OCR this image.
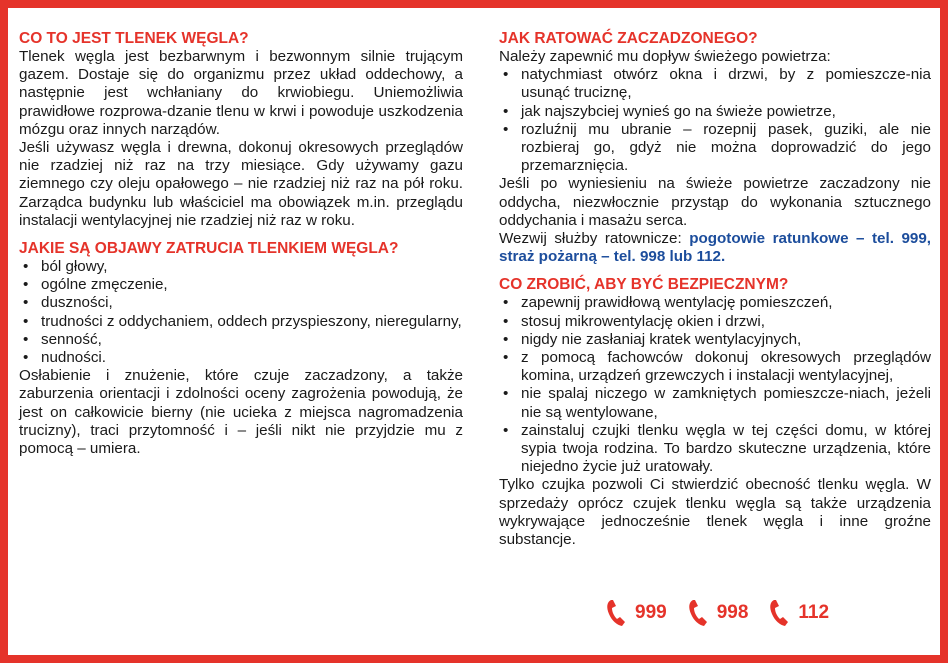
CO TO JEST TLENEK WĘGLA?

Tlenek węgla jest bezbarwnym i bezwonnym silnie trującym gazem. Dostaje się do organizmu przez układ oddechowy, a następnie jest wchłaniany do krwiobiegu. Uniemożliwia prawidłowe rozprowa-dzanie tlenu w krwi i powoduje uszkodzenia mózgu oraz innych narządów.

Jeśli używasz węgla i drewna, dokonuj okresowych przeglądów nie rzadziej niż raz na trzy miesiące. Gdy używamy gazu ziemnego czy oleju opałowego – nie rzadziej niż raz na pół roku. Zarządca budynku lub właściciel ma obowiązek m.in. przeglądu instalacji wentylacyjnej nie rzadziej niż raz w roku.

JAKIE SĄ OBJAWY ZATRUCIA TLENKIEM WĘGLA?
• ból głowy,
• ogólne zmęczenie,
• duszności,
• trudności z oddychaniem, oddech przyspieszony, nieregularny,
• senność,
• nudności.

Osłabienie i znużenie, które czuje zaczadzony, a także zaburzenia orientacji i zdolności oceny zagrożenia powodują, że jest on całkowicie bierny (nie ucieka z miejsca nagromadzenia trucizny), traci przytomność i – jeśli nikt nie przyjdzie mu z pomocą – umiera.

JAK RATOWAĆ ZACZADZONEGO?

Należy zapewnić mu dopływ świeżego powietrza:

• natychmiast otwórz okna i drzwi, by z pomieszcze-nia usunąć truciznę,
• jak najszybciej wynieś go na świeże powietrze,
• rozluźnij mu ubranie – rozepnij pasek, guziki, ale nie rozbieraj go, gdyż nie można doprowadzić do jego przemarznięcia.

Jeśli po wyniesieniu na świeże powietrze zaczadzony nie oddycha, niezwłocznie przystąp do wykonania sztucznego oddychania i masażu serca.

Wezwij służby ratownicze: pogotowie ratunkowe – tel. 999, straż pożarną – tel. 998 lub 112.

CO ZROBIĆ, ABY BYĆ BEZPIECZNYM?
• zapewnij prawidłową wentylację pomieszczeń,
• stosuj mikrowentylację okien i drzwi,
• nigdy nie zasłaniaj kratek wentylacyjnych,
• z pomocą fachowców dokonuj okresowych przeglądów komina, urządzeń grzewczych i instalacji wentylacyjnej,
• nie spalaj niczego w zamkniętych pomieszcze-niach, jeżeli nie są wentylowane,
• zainstaluj czujki tlenku węgla w tej części domu, w której sypia twoja rodzina. To bardzo skuteczne urządzenia, które niejedno życie już uratowały.

Tylko czujka pozwoli Ci stwierdzić obecność tlenku węgla. W sprzedaży oprócz czujek tlenku węgla są także urządzenia wykrywające jednocześnie tlenek węgla i inne groźne substancje.

999	998	112
